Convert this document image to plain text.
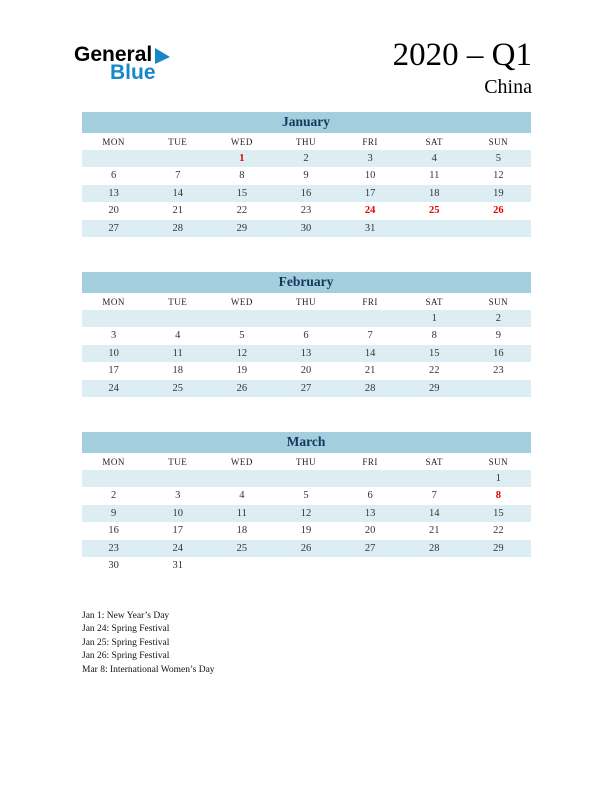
General
Blue	2020 – Q1
China
January
MON	TUE	WED	THU	FRI	SAT	SUN
		1	2	3	4	5
6	7	8	9	10	11	12
13	14	15	16	17	18	19
20	21	22	23	24	25	26
27	28	29	30	31		
February
MON	TUE	WED	THU	FRI	SAT	SUN
					1	2
3	4	5	6	7	8	9
10	11	12	13	14	15	16
17	18	19	20	21	22	23
24	25	26	27	28	29	
March
MON	TUE	WED	THU	FRI	SAT	SUN
						1
2	3	4	5	6	7	8
9	10	11	12	13	14	15
16	17	18	19	20	21	22
23	24	25	26	27	28	29
30	31					
Jan 1: New Year’s Day
Jan 24: Spring Festival
Jan 25: Spring Festival
Jan 26: Spring Festival
Mar 8: International Women’s Day
